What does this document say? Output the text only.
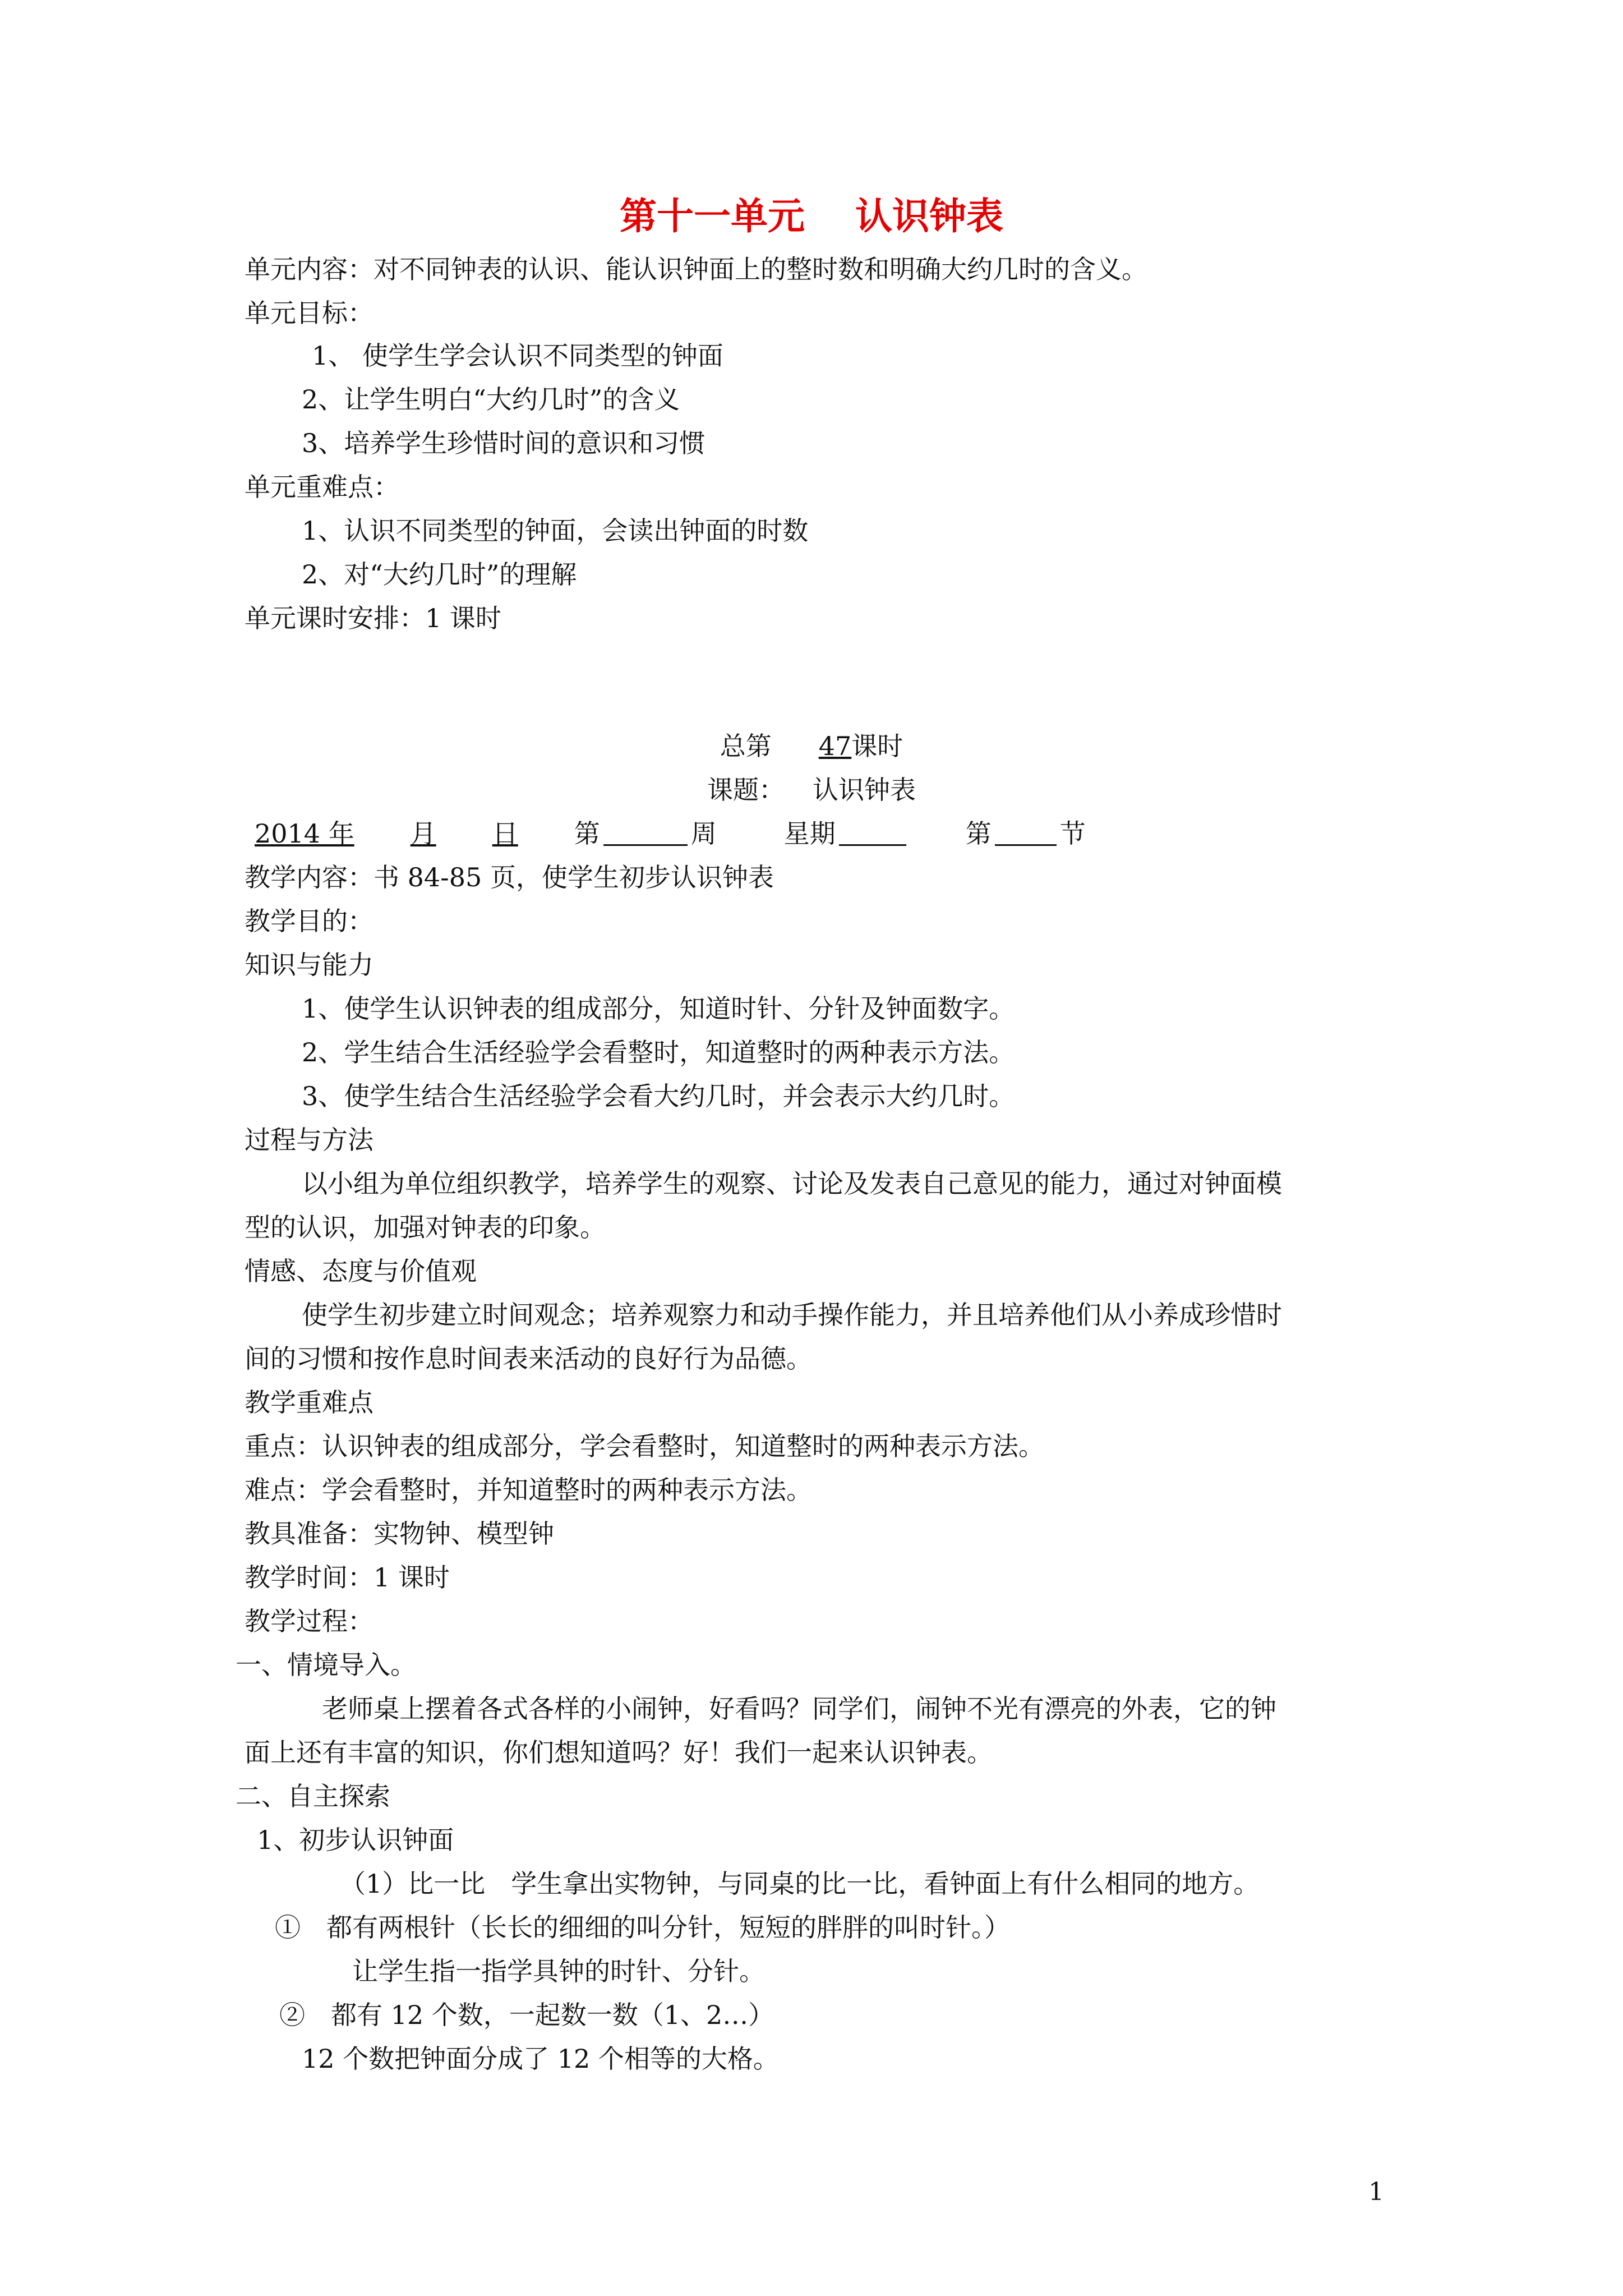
第十一单元 认识钟表
单元内容：对不同钟表的认识、能认识钟面上的整时数和明确大约几时的含义。
单元目标：
1、 使学生学会认识不同类型的钟面
2、让学生明白“大约几时”的含义
3、培养学生珍惜时间的意识和习惯
单元重难点：
1、认识不同类型的钟面，会读出钟面的时数
2、对“大约几时”的理解
单元课时安排：1 课时
总第 47课时
课题： 认识钟表
2014 年 月 日 第	周	星期	第	节
教学内容：书 84-85 页，使学生初步认识钟表
教学目的：
知识与能力
1、使学生认识钟表的组成部分，知道时针、分针及钟面数字。
2、学生结合生活经验学会看整时，知道整时的两种表示方法。
3、使学生结合生活经验学会看大约几时，并会表示大约几时。
过程与方法
以小组为单位组织教学，培养学生的观察、讨论及发表自己意见的能力，通过对钟面模
型的认识，加强对钟表的印象。
情感、态度与价值观
使学生初步建立时间观念；培养观察力和动手操作能力，并且培养他们从小养成珍惜时
间的习惯和按作息时间表来活动的良好行为品德。
教学重难点
重点：认识钟表的组成部分，学会看整时，知道整时的两种表示方法。
难点：学会看整时，并知道整时的两种表示方法。
教具准备：实物钟、模型钟
教学时间：1 课时
教学过程：
一、情境导入。
老师桌上摆着各式各样的小闹钟，好看吗？同学们，闹钟不光有漂亮的外表，它的钟
面上还有丰富的知识，你们想知道吗？好！我们一起来认识钟表。
二、自主探索
1、初步认识钟面
（1）比一比　学生拿出实物钟，与同桌的比一比，看钟面上有什么相同的地方。
①　都有两根针（长长的细细的叫分针，短短的胖胖的叫时针。）
让学生指一指学具钟的时针、分针。
②　都有 12 个数，一起数一数（1、2…）
12 个数把钟面分成了 12 个相等的大格。
1
